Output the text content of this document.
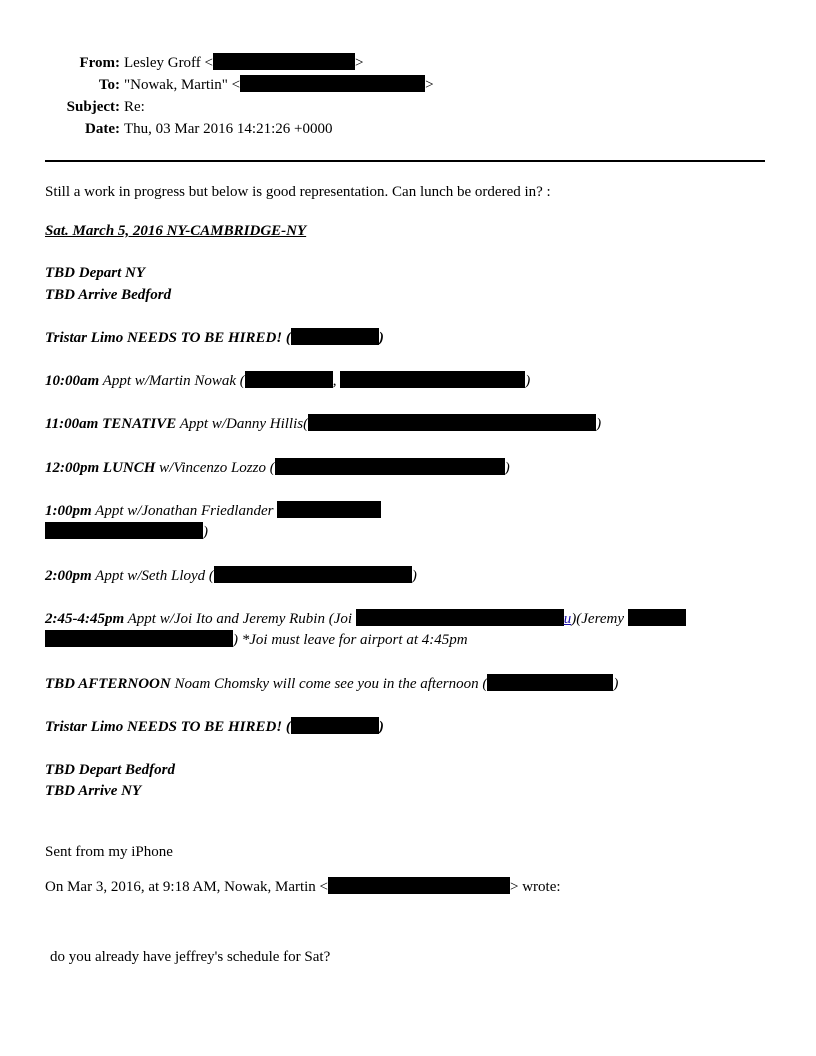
From: Lesley Groff <	>
To: "Nowak, Martin" <	>
Subject: Re:
Date: Thu, 03 Mar 2016 14:21:26 +0000
Still a work in progress but below is good representation. Can lunch be ordered in? :
Sat. March 5, 2016 NY-CAMBRIDGE-NY
TBD Depart NY
TBD Arrive Bedford
Tristar Limo NEEDS TO BE HIRED! (	)
10:00am Appt w/Martin Nowak (	,	)
11:00am TENATIVE Appt w/Danny Hillis(	)
12:00pm LUNCH w/Vincenzo Lozzo (	)
1:00pm Appt w/Jonathan Friedlander
)
2:00pm Appt w/Seth Lloyd (	)
2:45-4:45pm Appt w/Joi Ito and Jeremy Rubin (Joi	u)(Jeremy
) *Joi must leave for airport at 4:45pm
TBD AFTERNOON Noam Chomsky will come see you in the afternoon (	)
Tristar Limo NEEDS TO BE HIRED! (	)
TBD Depart Bedford
TBD Arrive NY
Sent from my iPhone
On Mar 3, 2016, at 9:18 AM, Nowak, Martin <	> wrote:
do you already have jeffrey's schedule for Sat?
